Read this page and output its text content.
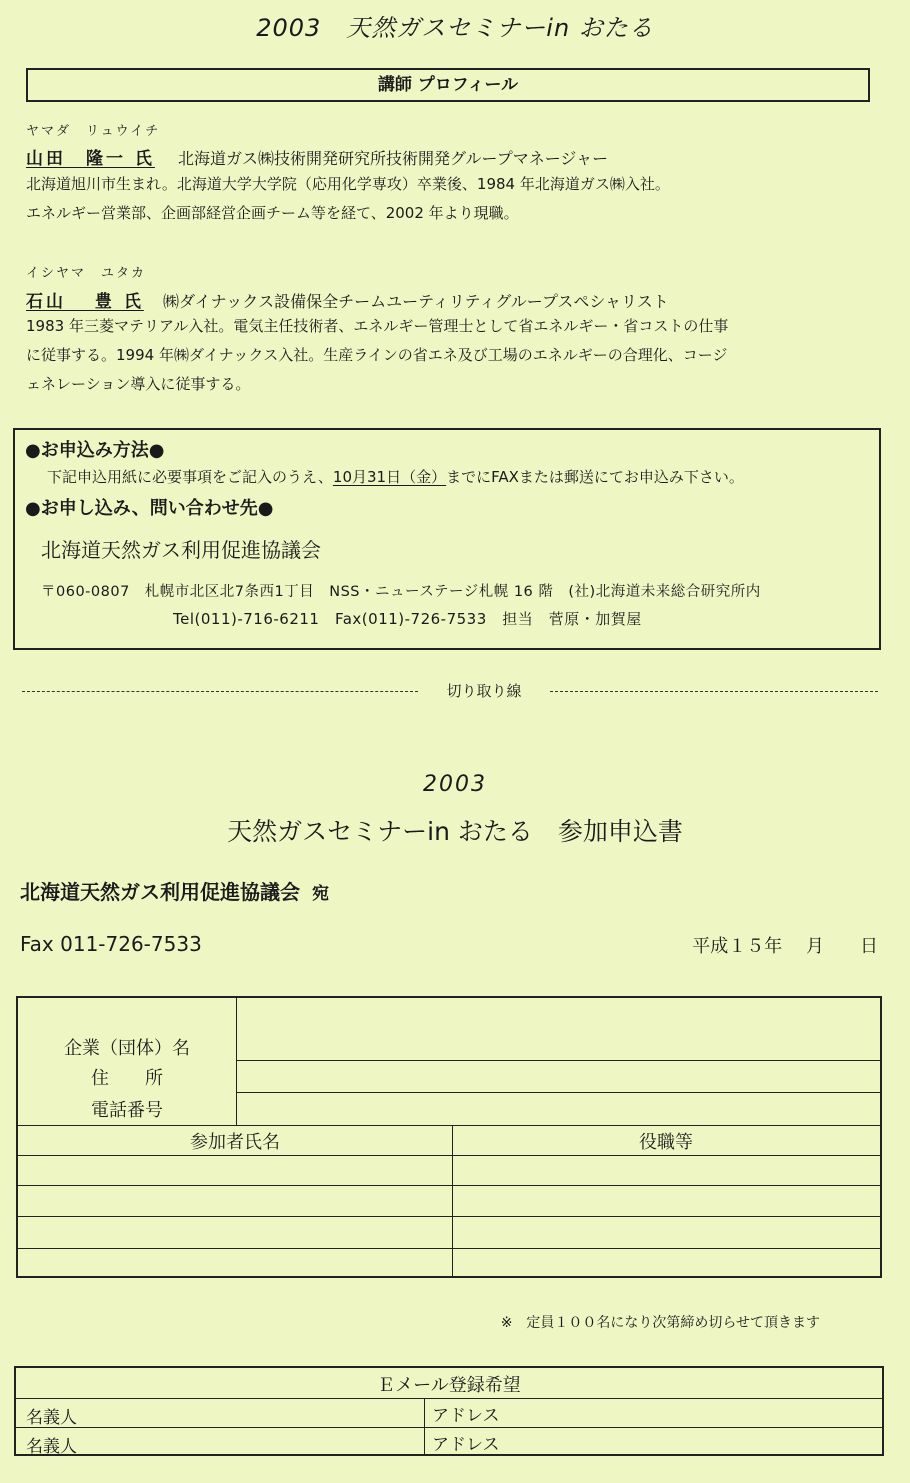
2003　天然ガスセミナーin おたる
講師 プロフィール
ヤマダ　リュウイチ
山田　隆一 氏 北海道ガス㈱技術開発研究所技術開発グループマネージャー
北海道旭川市生まれ。北海道大学大学院（応用化学専攻）卒業後、1984 年北海道ガス㈱入社。
エネルギー営業部、企画部経営企画チーム等を経て、2002 年より現職。
イシヤマ　ユタカ
石山　 豊 氏 ㈱ダイナックス設備保全チームユーティリティグループスペシャリスト
1983 年三菱マテリアル入社。電気主任技術者、エネルギー管理士として省エネルギー・省コストの仕事
に従事する。1994 年㈱ダイナックス入社。生産ラインの省エネ及び工場のエネルギーの合理化、コージ
ェネレーション導入に従事する。
●お申込み方法●
下記申込用紙に必要事項をご記入のうえ、10月31日（金）までにFAXまたは郵送にてお申込み下さい。
●お申し込み、問い合わせ先●
北海道天然ガス利用促進協議会
〒060-0807　札幌市北区北7条西1丁目　NSS・ニューステージ札幌 16 階　(社)北海道未来総合研究所内
Tel(011)-716-6211　Fax(011)-726-7533　担当　菅原・加賀屋
切り取り線
2003
天然ガスセミナーin おたる　参加申込書
北海道天然ガス利用促進協議会 宛
Fax 011-726-7533	平成１５年　 月　　日
企業（団体）名
住　　所
電話番号
参加者氏名	役職等
※　定員１００名になり次第締め切らせて頂きます
Ｅメール登録希望
名義人	アドレス
名義人	アドレス
